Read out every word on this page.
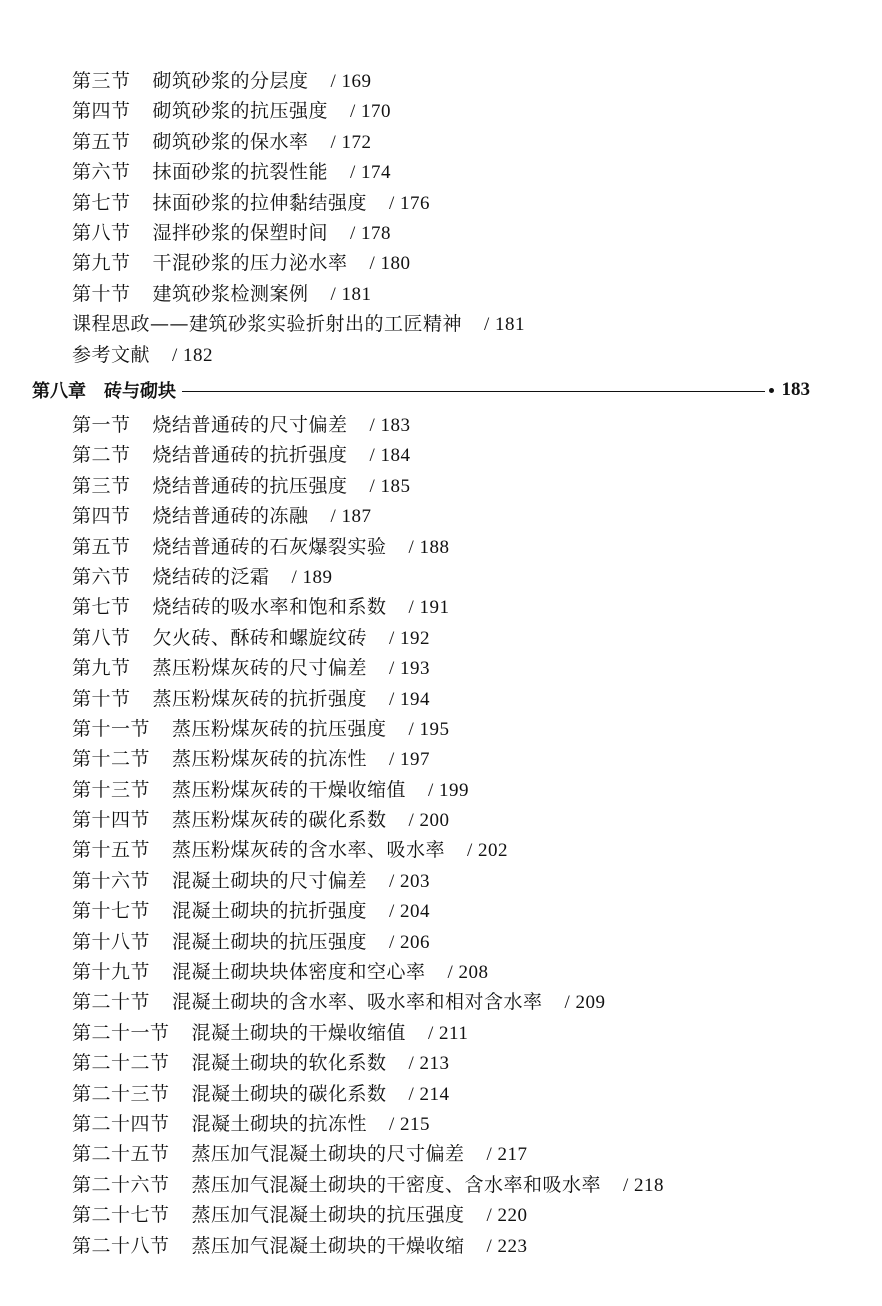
第三节 砌筑砂浆的分层度 / 169
第四节 砌筑砂浆的抗压强度 / 170
第五节 砌筑砂浆的保水率 / 172
第六节 抹面砂浆的抗裂性能 / 174
第七节 抹面砂浆的拉伸黏结强度 / 176
第八节 湿拌砂浆的保塑时间 / 178
第九节 干混砂浆的压力泌水率 / 180
第十节 建筑砂浆检测案例 / 181
课程思政——建筑砂浆实验折射出的工匠精神 / 181
参考文献 / 182
第八章 砖与砌块	183
第一节 烧结普通砖的尺寸偏差 / 183
第二节 烧结普通砖的抗折强度 / 184
第三节 烧结普通砖的抗压强度 / 185
第四节 烧结普通砖的冻融 / 187
第五节 烧结普通砖的石灰爆裂实验 / 188
第六节 烧结砖的泛霜 / 189
第七节 烧结砖的吸水率和饱和系数 / 191
第八节 欠火砖、酥砖和螺旋纹砖 / 192
第九节 蒸压粉煤灰砖的尺寸偏差 / 193
第十节 蒸压粉煤灰砖的抗折强度 / 194
第十一节 蒸压粉煤灰砖的抗压强度 / 195
第十二节 蒸压粉煤灰砖的抗冻性 / 197
第十三节 蒸压粉煤灰砖的干燥收缩值 / 199
第十四节 蒸压粉煤灰砖的碳化系数 / 200
第十五节 蒸压粉煤灰砖的含水率、吸水率 / 202
第十六节 混凝土砌块的尺寸偏差 / 203
第十七节 混凝土砌块的抗折强度 / 204
第十八节 混凝土砌块的抗压强度 / 206
第十九节 混凝土砌块块体密度和空心率 / 208
第二十节 混凝土砌块的含水率、吸水率和相对含水率 / 209
第二十一节 混凝土砌块的干燥收缩值 / 211
第二十二节 混凝土砌块的软化系数 / 213
第二十三节 混凝土砌块的碳化系数 / 214
第二十四节 混凝土砌块的抗冻性 / 215
第二十五节 蒸压加气混凝土砌块的尺寸偏差 / 217
第二十六节 蒸压加气混凝土砌块的干密度、含水率和吸水率 / 218
第二十七节 蒸压加气混凝土砌块的抗压强度 / 220
第二十八节 蒸压加气混凝土砌块的干燥收缩 / 223
